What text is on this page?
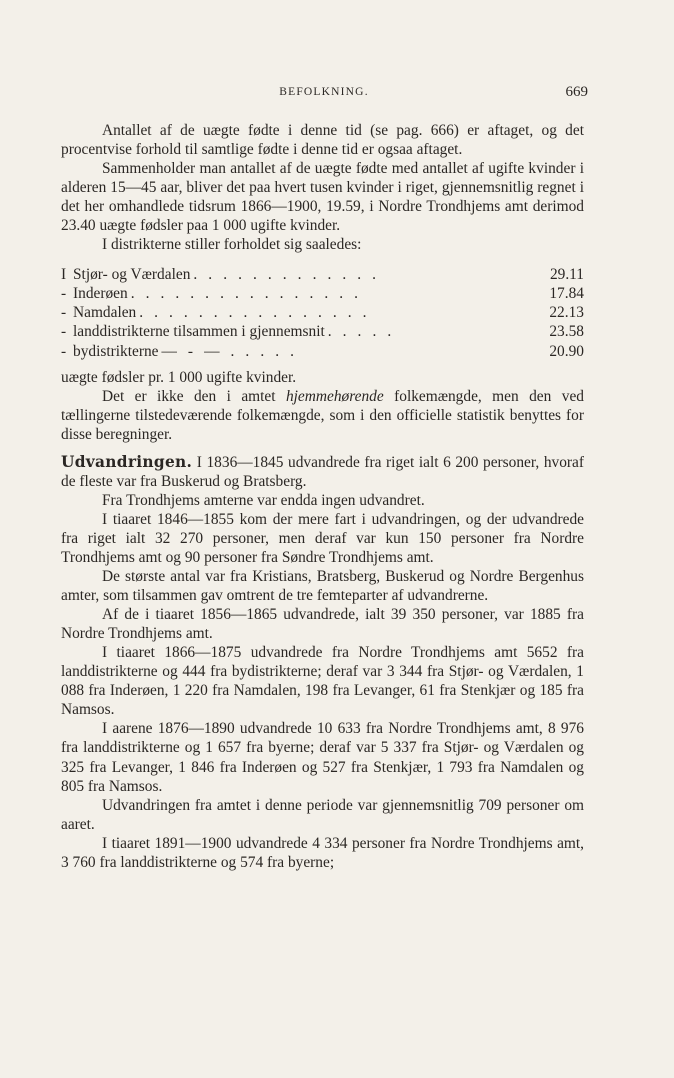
BEFOLKNING.	669

Antallet af de uægte fødte i denne tid (se pag. 666) er aftaget, og det procentvise forhold til samtlige fødte i denne tid er ogsaa aftaget.

Sammenholder man antallet af de uægte fødte med antallet af ugifte kvinder i alderen 15—45 aar, bliver det paa hvert tusen kvinder i riget, gjennemsnitlig regnet i det her omhandlede tidsrum 1866—1900, 19.59, i Nordre Trondhjems amt derimod 23.40 uægte fødsler paa 1 000 ugifte kvinder.

I distrikterne stiller forholdet sig saaledes:

I Stjør- og Værdalen . . . . . . . . . . . . .	29.11
- Inderøen . . . . . . . . . . . . . . . .	17.84
- Namdalen . . . . . . . . . . . . . . . .	22.13
- landdistrikterne tilsammen i gjennemsnit . . . . .	23.58
- bydistrikterne — - — . . . . .	20.90

uægte fødsler pr. 1 000 ugifte kvinder.

Det er ikke den i amtet hjemmehørende folkemængde, men den ved tællingerne tilstedeværende folkemængde, som i den officielle statistik benyttes for disse beregninger.

Udvandringen. I 1836—1845 udvandrede fra riget ialt 6 200 personer, hvoraf de fleste var fra Buskerud og Bratsberg.

Fra Trondhjems amterne var endda ingen udvandret.

I tiaaret 1846—1855 kom der mere fart i udvandringen, og der udvandrede fra riget ialt 32 270 personer, men deraf var kun 150 personer fra Nordre Trondhjems amt og 90 personer fra Søndre Trondhjems amt.

De største antal var fra Kristians, Bratsberg, Buskerud og Nordre Bergenhus amter, som tilsammen gav omtrent de tre femteparter af udvandrerne.

Af de i tiaaret 1856—1865 udvandrede, ialt 39 350 personer, var 1885 fra Nordre Trondhjems amt.

I tiaaret 1866—1875 udvandrede fra Nordre Trondhjems amt 5652 fra landdistrikterne og 444 fra bydistrikterne; deraf var 3 344 fra Stjør- og Værdalen, 1 088 fra Inderøen, 1 220 fra Namdalen, 198 fra Levanger, 61 fra Stenkjær og 185 fra Namsos.

I aarene 1876—1890 udvandrede 10 633 fra Nordre Trondhjems amt, 8 976 fra landdistrikterne og 1 657 fra byerne; deraf var 5 337 fra Stjør- og Værdalen og 325 fra Levanger, 1 846 fra Inderøen og 527 fra Stenkjær, 1 793 fra Namdalen og 805 fra Namsos.

Udvandringen fra amtet i denne periode var gjennemsnitlig 709 personer om aaret.

I tiaaret 1891—1900 udvandrede 4 334 personer fra Nordre Trondhjems amt, 3 760 fra landdistrikterne og 574 fra byerne;
